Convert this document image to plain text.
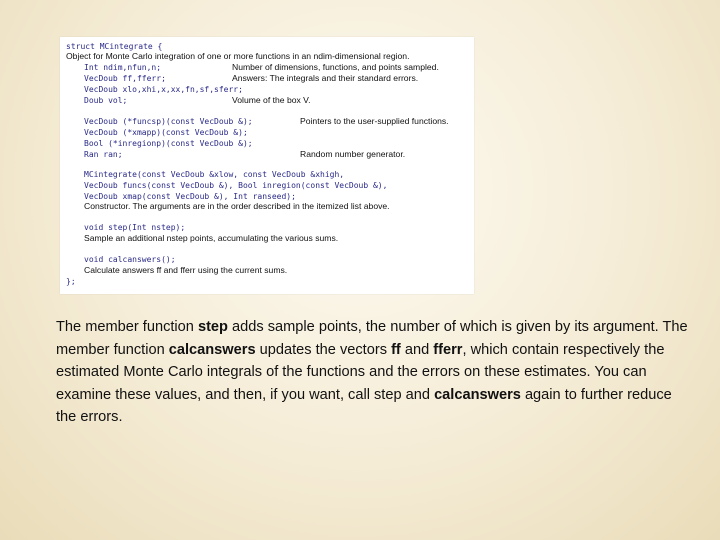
struct MCintegrate {
Object for Monte Carlo integration of one or more functions in an ndim-dimensional region.
Int ndim,nfun,n;	Number of dimensions, functions, and points sampled.
VecDoub ff,fferr;	Answers: The integrals and their standard errors.
VecDoub xlo,xhi,x,xx,fn,sf,sferr;
Doub vol;	Volume of the box V.
VecDoub (*funcsp)(const VecDoub &);	Pointers to the user-supplied functions.
VecDoub (*xmapp)(const VecDoub &);
Bool (*inregionp)(const VecDoub &);
Ran ran;	Random number generator.
MCintegrate(const VecDoub &xlow, const VecDoub &xhigh,
VecDoub funcs(const VecDoub &), Bool inregion(const VecDoub &),
VecDoub xmap(const VecDoub &), Int ranseed);
Constructor. The arguments are in the order described in the itemized list above.
void step(Int nstep);
Sample an additional nstep points, accumulating the various sums.
void calcanswers();
Calculate answers ff and fferr using the current sums.
};

The member function step adds sample points, the number of which is given by its argument. The member function calcanswers updates the vectors ff and fferr, which contain respectively the estimated Monte Carlo integrals of the functions and the errors on these estimates. You can examine these values, and then, if you want, call step and calcanswers again to further reduce the errors.
